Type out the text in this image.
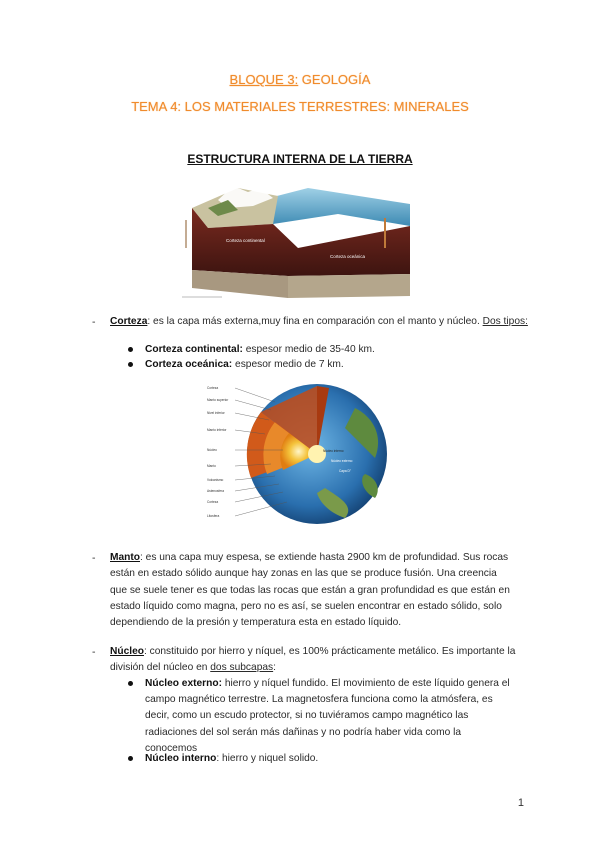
BLOQUE 3: GEOLOGÍA
TEMA 4: LOS MATERIALES TERRESTRES: MINERALES
ESTRUCTURA INTERNA DE LA TIERRA
Corteza continental
Corteza oceánica
- Corteza: es la capa más externa,muy fina en comparación con el manto y núcleo. Dos tipos:
Corteza continental: espesor medio de 35-40 km.
Corteza oceánica: espesor medio de 7 km.
Corteza
Manto superior
Nivel inferior
Manto inferior
Núcleo
Manto
Volcanismo
Astenosfera
Corteza
Litosfera
Núcleo interno
Núcleo externo
Capa D''
- Manto: es una capa muy espesa, se extiende hasta 2900 km de profundidad. Sus rocas
están en estado sólido aunque hay zonas en las que se produce fusión. Una creencia
que se suele tener es que todas las rocas que están a gran profundidad es que están en
estado líquido como magna, pero no es así, se suelen encontrar en estado sólido, solo
dependiendo de la presión y temperatura esta en estado líquido.
- Núcleo: constituido por hierro y níquel, es 100% prácticamente metálico. Es importante la
división del núcleo en dos subcapas:
Núcleo externo: hierro y níquel fundido. El movimiento de este líquido genera el
campo magnético terrestre. La magnetosfera funciona como la atmósfera, es
decir, como un escudo protector, si no tuviéramos campo magnético las
radiaciones del sol serán más dañinas y no podría haber vida como la
conocemos
Núcleo interno: hierro y niquel solido.
1
